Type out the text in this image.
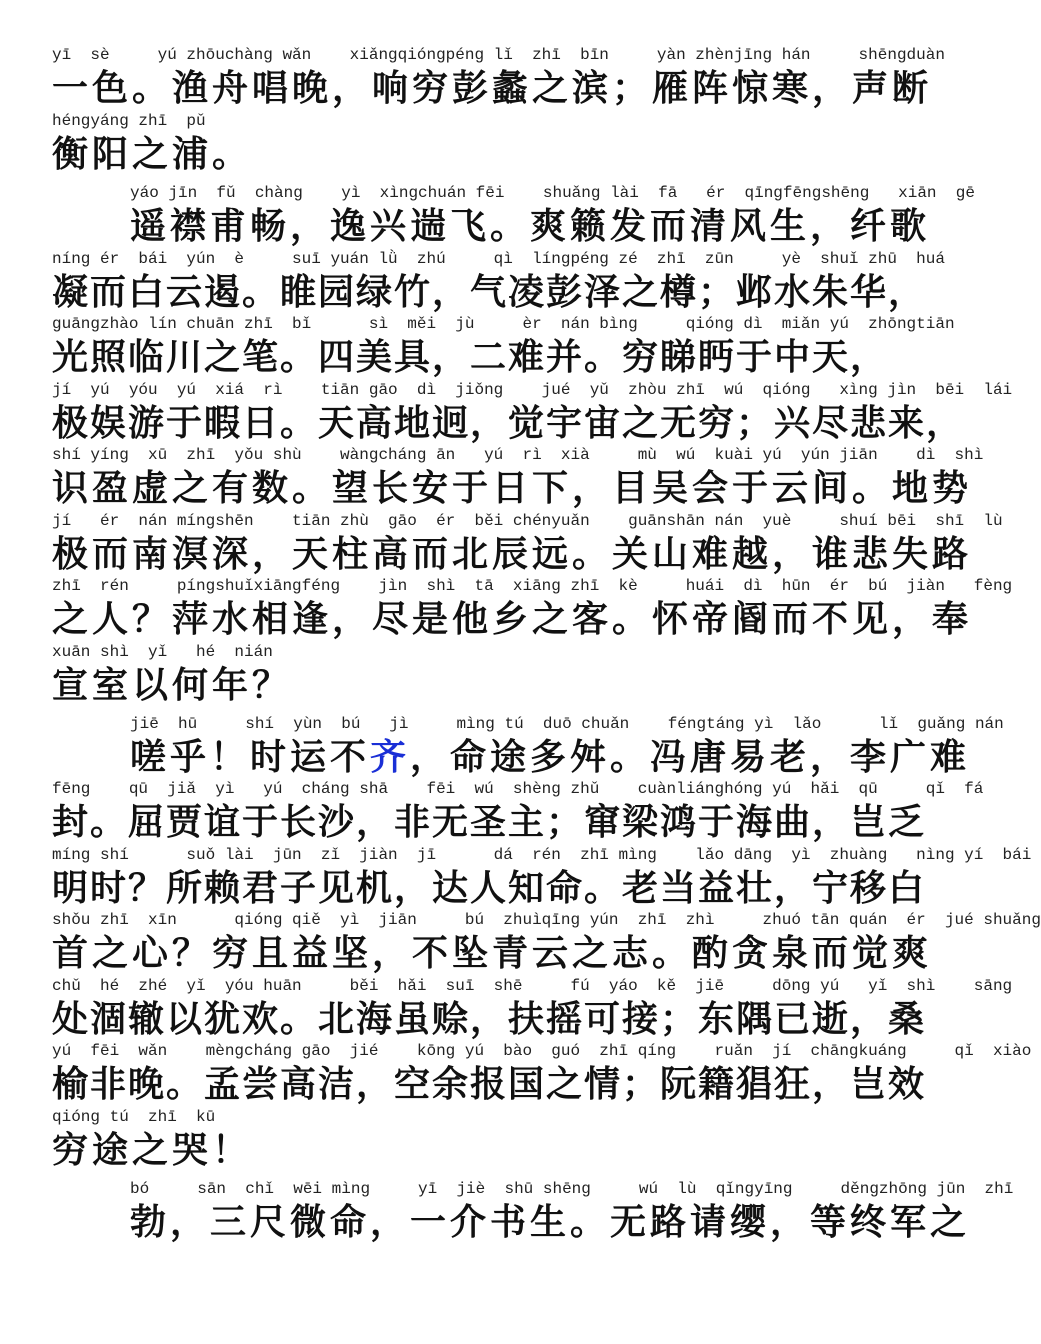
yī  sè     yú zhōuchàng wǎn    xiǎngqióngpéng lǐ  zhī  bīn     yàn zhènjīng hán     shēngduàn
一色。渔舟唱晚，响穷彭蠡之滨；雁阵惊寒，声断
héngyáng zhī  pǔ
衡阳之浦。
yáo jīn  fǔ  chàng    yì  xìngchuán fēi    shuǎng lài  fā   ér  qīngfēngshēng   xiān  gē
遥襟甫畅，逸兴遄飞。爽籁发而清风生，纤歌
níng ér  bái  yún  è     suī yuán lǜ  zhú     qì  língpéng zé  zhī  zūn     yè  shuǐ zhū  huá
凝而白云遏。睢园绿竹，气凌彭泽之樽；邺水朱华，
guāngzhào lín chuān zhī  bǐ      sì  měi  jù     èr  nán bìng     qióng dì  miǎn yú  zhōngtiān
光照临川之笔。四美具，二难并。穷睇眄于中天，
jí  yú  yóu  yú  xiá  rì    tiān gāo  dì  jiǒng    jué  yǔ  zhòu zhī  wú  qióng   xìng jìn  bēi  lái
极娱游于暇日。天高地迥，觉宇宙之无穷；兴尽悲来，
shí yíng  xū  zhī  yǒu shù    wàngcháng ān   yú  rì  xià     mù  wú  kuài yú  yún jiān    dì  shì
识盈虚之有数。望长安于日下，目吴会于云间。地势
jí   ér  nán míngshēn    tiān zhù  gāo  ér  běi chényuǎn    guānshān nán  yuè     shuí bēi  shī  lù
极而南溟深，天柱高而北辰远。关山难越，谁悲失路
zhī  rén     píngshuǐxiāngféng    jìn  shì  tā  xiāng zhī  kè     huái  dì  hūn  ér  bú  jiàn   fèng
之人？萍水相逢，尽是他乡之客。怀帝阍而不见，奉
xuān shì  yǐ   hé  nián
宣室以何年？
jiē  hū     shí  yùn  bú   jì     mìng tú  duō chuǎn    féngtáng yì  lǎo      lǐ  guǎng nán
嗟乎！时运不齐，命途多舛。冯唐易老，李广难
fēng    qū  jiǎ  yì   yú  cháng shā    fēi  wú  shèng zhǔ    cuànliánghóng yú  hǎi  qū     qǐ  fá
封。屈贾谊于长沙，非无圣主；窜梁鸿于海曲，岂乏
míng shí      suǒ lài  jūn  zǐ  jiàn  jī      dá  rén  zhī mìng    lǎo dāng  yì  zhuàng   nìng yí  bái
明时？所赖君子见机，达人知命。老当益壮，宁移白
shǒu zhī  xīn      qióng qiě  yì  jiān     bú  zhuìqīng yún  zhī  zhì     zhuó tān quán  ér  jué shuǎng
首之心？穷且益坚，不坠青云之志。酌贪泉而觉爽
chǔ  hé  zhé  yǐ  yóu huān     běi  hǎi  suī  shē     fú  yáo  kě  jiē     dōng yú   yǐ  shì    sāng
处涸辙以犹欢。北海虽赊，扶摇可接；东隅已逝，桑
yú  fēi  wǎn    mèngcháng gāo  jié    kōng yú  bào  guó  zhī qíng    ruǎn  jí  chāngkuáng     qǐ  xiào
榆非晚。孟尝高洁，空余报国之情；阮籍猖狂，岂效
qióng tú  zhī  kū
穷途之哭！
bó     sān  chǐ  wēi mìng     yī  jiè  shū shēng     wú  lù  qǐngyīng     děngzhōng jūn  zhī
勃，三尺微命，一介书生。无路请缨，等终军之
